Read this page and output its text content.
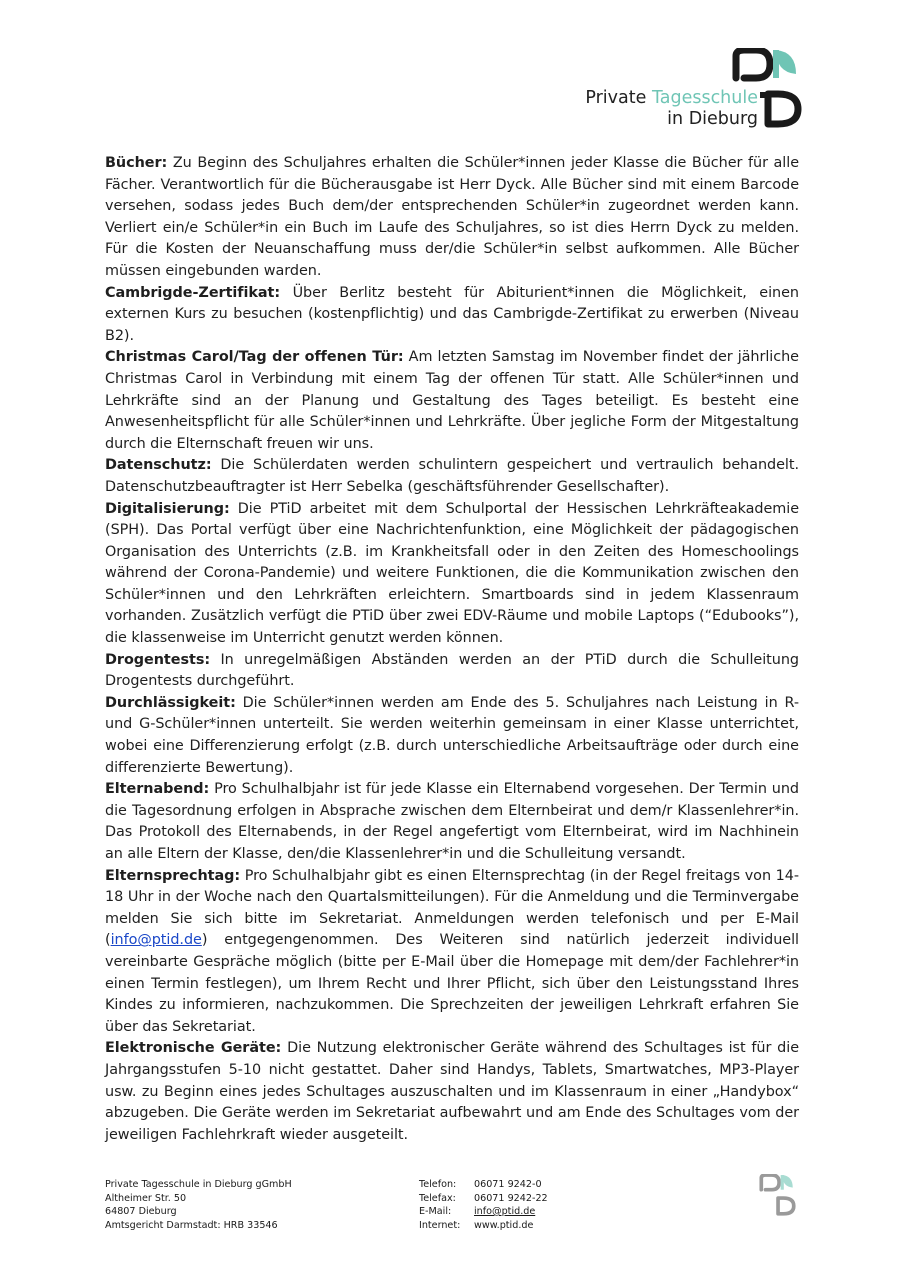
Private Tagesschule
in Dieburg

Bücher: Zu Beginn des Schuljahres erhalten die Schüler*innen jeder Klasse die Bücher für alle Fächer. Verantwortlich für die Bücherausgabe ist Herr Dyck. Alle Bücher sind mit einem Barcode versehen, sodass jedes Buch dem/der entsprechenden Schüler*in zugeordnet werden kann. Verliert ein/e Schüler*in ein Buch im Laufe des Schuljahres, so ist dies Herrn Dyck zu melden. Für die Kosten der Neuanschaffung muss der/die Schüler*in selbst aufkommen. Alle Bücher müssen eingebunden warden.

Cambrigde-Zertifikat: Über Berlitz besteht für Abiturient*innen die Möglichkeit, einen externen Kurs zu besuchen (kostenpflichtig) und das Cambrigde-Zertifikat zu erwerben (Niveau B2).

Christmas Carol/Tag der offenen Tür: Am letzten Samstag im November findet der jährliche Christmas Carol in Verbindung mit einem Tag der offenen Tür statt. Alle Schüler*innen und Lehrkräfte sind an der Planung und Gestaltung des Tages beteiligt. Es besteht eine Anwesenheitspflicht für alle Schüler*innen und Lehrkräfte. Über jegliche Form der Mitgestaltung durch die Elternschaft freuen wir uns.

Datenschutz: Die Schülerdaten werden schulintern gespeichert und vertraulich behandelt. Datenschutzbeauftragter ist Herr Sebelka (geschäftsführender Gesellschafter).

Digitalisierung: Die PTiD arbeitet mit dem Schulportal der Hessischen Lehrkräfteakademie (SPH). Das Portal verfügt über eine Nachrichtenfunktion, eine Möglichkeit der pädagogischen Organisation des Unterrichts (z.B. im Krankheitsfall oder in den Zeiten des Homeschoolings während der Corona-Pandemie) und weitere Funktionen, die die Kommunikation zwischen den Schüler*innen und den Lehrkräften erleichtern. Smartboards sind in jedem Klassenraum vorhanden. Zusätzlich verfügt die PTiD über zwei EDV-Räume und mobile Laptops (“Edubooks”), die klassenweise im Unterricht genutzt werden können.

Drogentests: In unregelmäßigen Abständen werden an der PTiD durch die Schulleitung Drogentests durchgeführt.

Durchlässigkeit: Die Schüler*innen werden am Ende des 5. Schuljahres nach Leistung in R- und G-Schüler*innen unterteilt. Sie werden weiterhin gemeinsam in einer Klasse unterrichtet, wobei eine Differenzierung erfolgt (z.B. durch unterschiedliche Arbeitsaufträge oder durch eine differenzierte Bewertung).

Elternabend: Pro Schulhalbjahr ist für jede Klasse ein Elternabend vorgesehen. Der Termin und die Tagesordnung erfolgen in Absprache zwischen dem Elternbeirat und dem/r Klassenlehrer*in. Das Protokoll des Elternabends, in der Regel angefertigt vom Elternbeirat, wird im Nachhinein an alle Eltern der Klasse, den/die Klassenlehrer*in und die Schulleitung versandt.

Elternsprechtag: Pro Schulhalbjahr gibt es einen Elternsprechtag (in der Regel freitags von 14-18 Uhr in der Woche nach den Quartalsmitteilungen). Für die Anmeldung und die Terminvergabe melden Sie sich bitte im Sekretariat. Anmeldungen werden telefonisch und per E-Mail (info@ptid.de) entgegengenommen. Des Weiteren sind natürlich jederzeit individuell vereinbarte Gespräche möglich (bitte per E-Mail über die Homepage mit dem/der Fachlehrer*in einen Termin festlegen), um Ihrem Recht und Ihrer Pflicht, sich über den Leistungsstand Ihres Kindes zu informieren, nachzukommen. Die Sprechzeiten der jeweiligen Lehrkraft erfahren Sie über das Sekretariat.

Elektronische Geräte: Die Nutzung elektronischer Geräte während des Schultages ist für die Jahrgangsstufen 5-10 nicht gestattet. Daher sind Handys, Tablets, Smartwatches, MP3-Player usw. zu Beginn eines jedes Schultages auszuschalten und im Klassenraum in einer „Handybox“ abzugeben. Die Geräte werden im Sekretariat aufbewahrt und am Ende des Schultages vom der jeweiligen Fachlehrkraft wieder ausgeteilt.

Private Tagesschule in Dieburg gGmbH
Altheimer Str. 50
64807 Dieburg
Amtsgericht Darmstadt: HRB 33546
Telefon:	06071 9242-0
Telefax:	06071 9242-22
E-Mail:	info@ptid.de
Internet:	www.ptid.de
